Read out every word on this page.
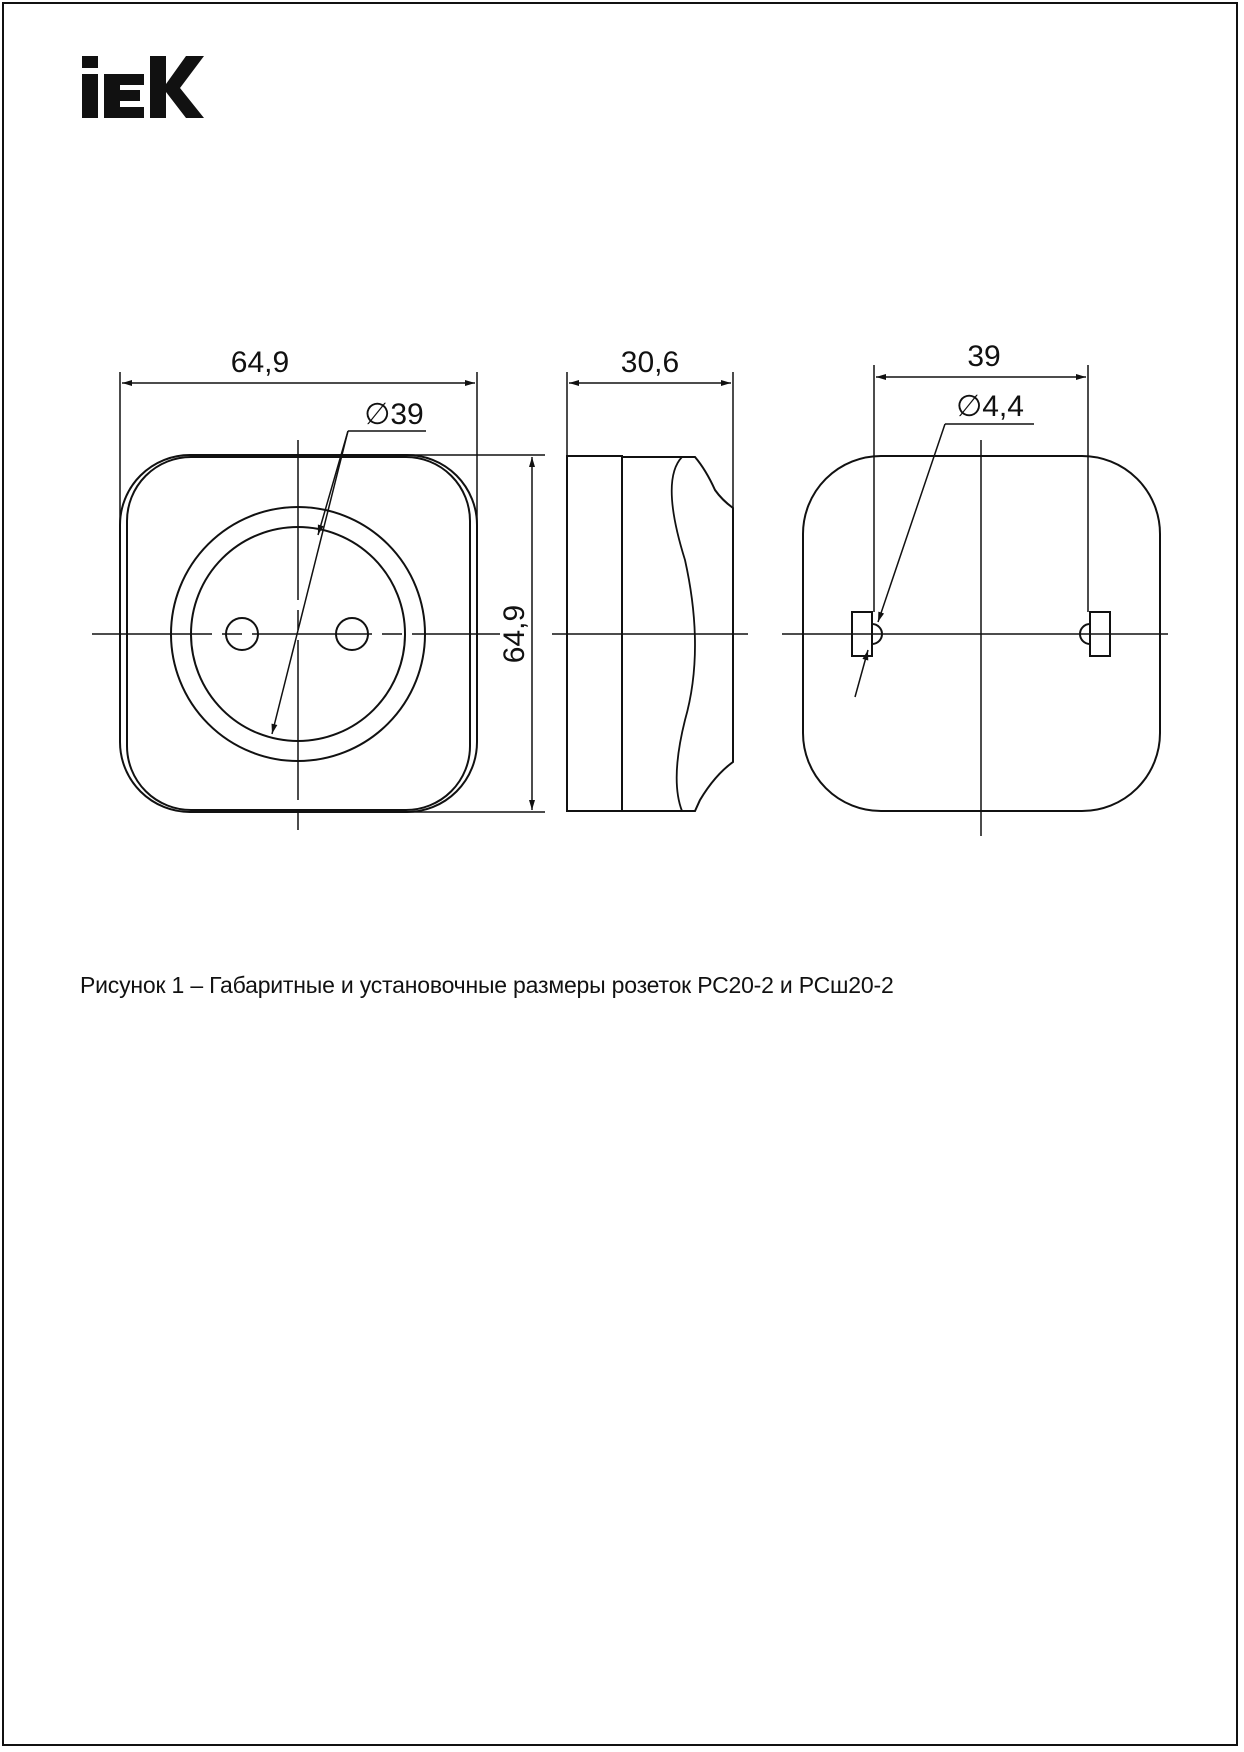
64,9
∅39
64,9
30,6	39
∅4,4
Рисунок 1 – Габаритные и установочные размеры розеток РС20-2 и РСш20-2
